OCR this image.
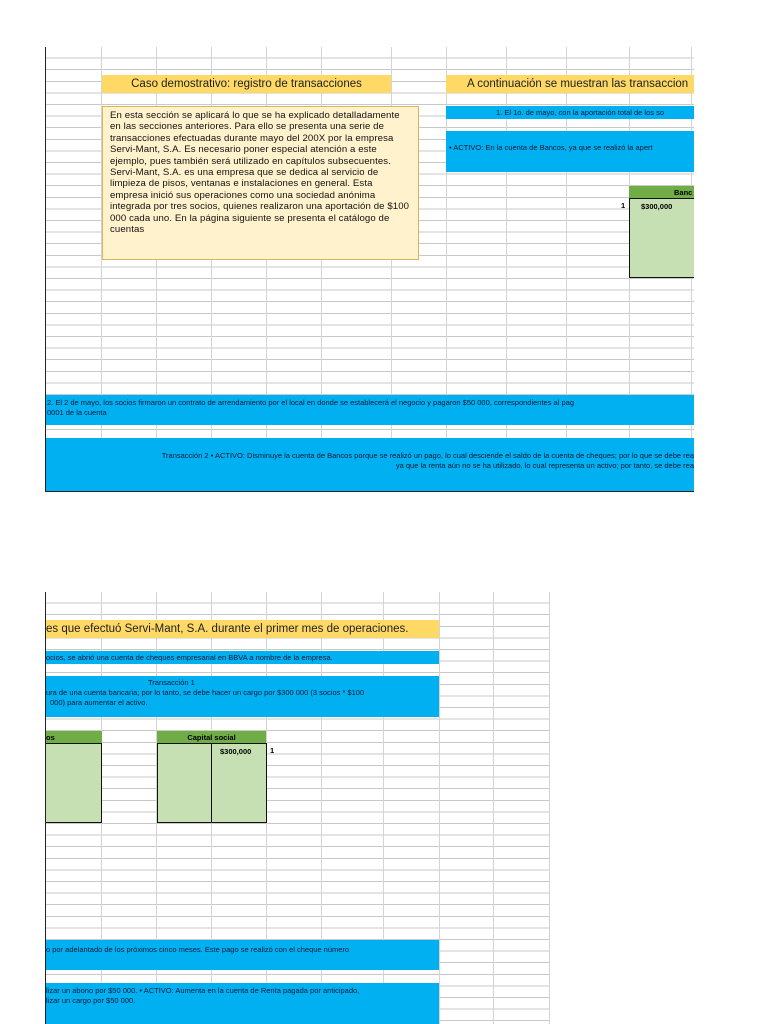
Caso demostrativo: registro de transacciones	A continuación se muestran las transaccion
En esta sección se aplicará lo que se ha explicado detalladamente en las secciones anteriores. Para ello se presenta una serie de transacciones efectuadas durante mayo del 200X por la empresa Servi-Mant, S.A. Es necesario poner especial atención a este ejemplo, pues también será utilizado en capítulos subsecuentes. Servi-Mant, S.A. es una empresa que se dedica al servicio de limpieza de pisos, ventanas e instalaciones en general. Esta empresa inició sus operaciones como una sociedad anónima integrada por tres socios, quienes realizaron una aportación de $100 000 cada uno. En la página siguiente se presenta el catálogo de cuentas
1. El 1o. de mayo, con la aportación total de los so
• ACTIVO: En la cuenta de Bancos, ya que se realizó la apert
Banc
$300,000
1
2. El 2 de mayo, los socios firmaron un contrato de arrendamiento por el local en donde se establecerá el negocio y pagaron $50 000, correspondientes al pag
0001 de la cuenta
Transacción 2 • ACTIVO: Disminuye la cuenta de Bancos porque se realizó un pago, lo cual desciende el saldo de la cuenta de cheques; por lo que se debe rea
ya que la renta aún no se ha utilizado, lo cual representa un activo; por tanto, se debe rea
es que efectuó Servi-Mant, S.A. durante el primer mes de operaciones.
ocios, se abrió una cuenta de cheques empresarial en BBVA a nombre de la empresa.
Transacción 1
ura de una cuenta bancaria; por lo tanto, se debe hacer un cargo por $300 000 (3 socios * $100
000) para aumentar el activo.
os	Capital social
$300,000 1
o por adelantado de los próximos cinco meses. Este pago se realizó con el cheque número
lizar un abono por $50 000. • ACTIVO: Aumenta en la cuenta de Renta pagada por anticipado,
lizar un cargo por $50 000.
